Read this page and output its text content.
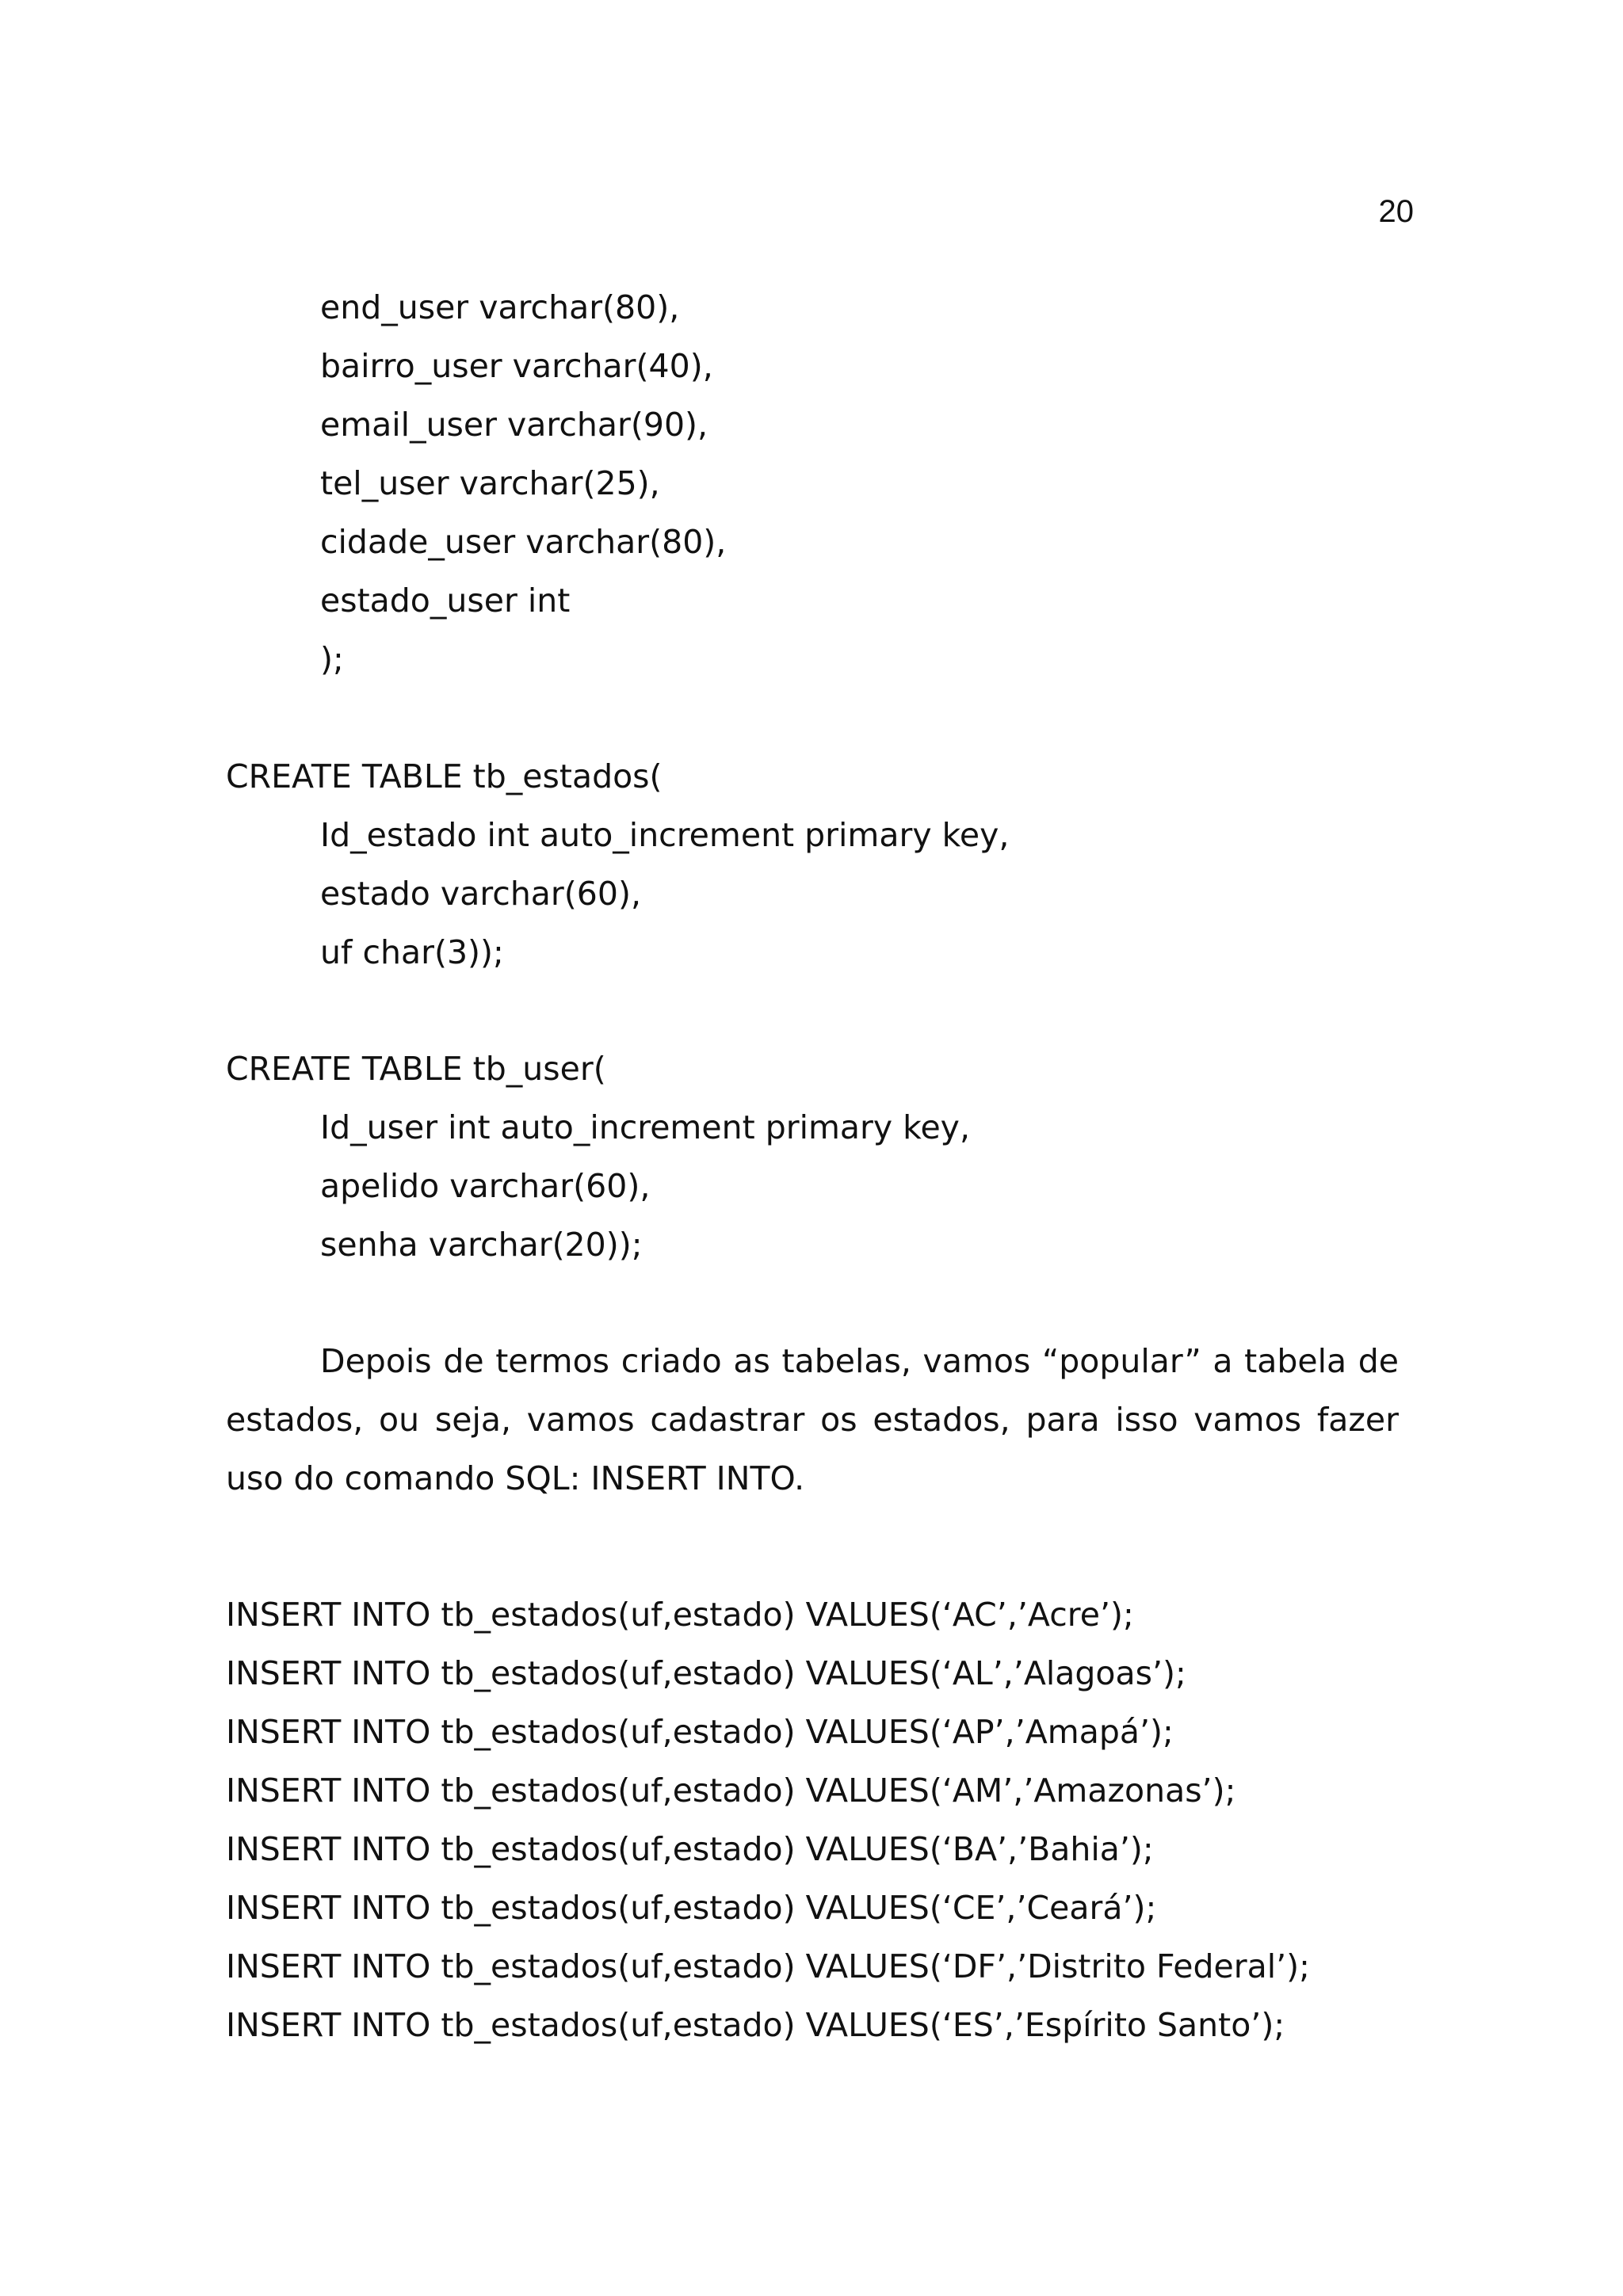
20
end_user varchar(80),
bairro_user varchar(40),
email_user varchar(90),
tel_user varchar(25),
cidade_user varchar(80),
estado_user int
);
CREATE TABLE tb_estados(
Id_estado int auto_increment primary key,
estado varchar(60),
uf char(3));
CREATE TABLE tb_user(
Id_user int auto_increment primary key,
apelido varchar(60),
senha varchar(20));
Depois de termos criado as tabelas, vamos “popular” a tabela de
estados, ou seja, vamos cadastrar os estados, para isso vamos fazer
uso do comando SQL: INSERT INTO.
INSERT INTO tb_estados(uf,estado) VALUES(‘AC’,’Acre’);
INSERT INTO tb_estados(uf,estado) VALUES(‘AL’,’Alagoas’);
INSERT INTO tb_estados(uf,estado) VALUES(‘AP’,’Amapá’);
INSERT INTO tb_estados(uf,estado) VALUES(‘AM’,’Amazonas’);
INSERT INTO tb_estados(uf,estado) VALUES(‘BA’,’Bahia’);
INSERT INTO tb_estados(uf,estado) VALUES(‘CE’,’Ceará’);
INSERT INTO tb_estados(uf,estado) VALUES(‘DF’,’Distrito Federal’);
INSERT INTO tb_estados(uf,estado) VALUES(‘ES’,’Espírito Santo’);
